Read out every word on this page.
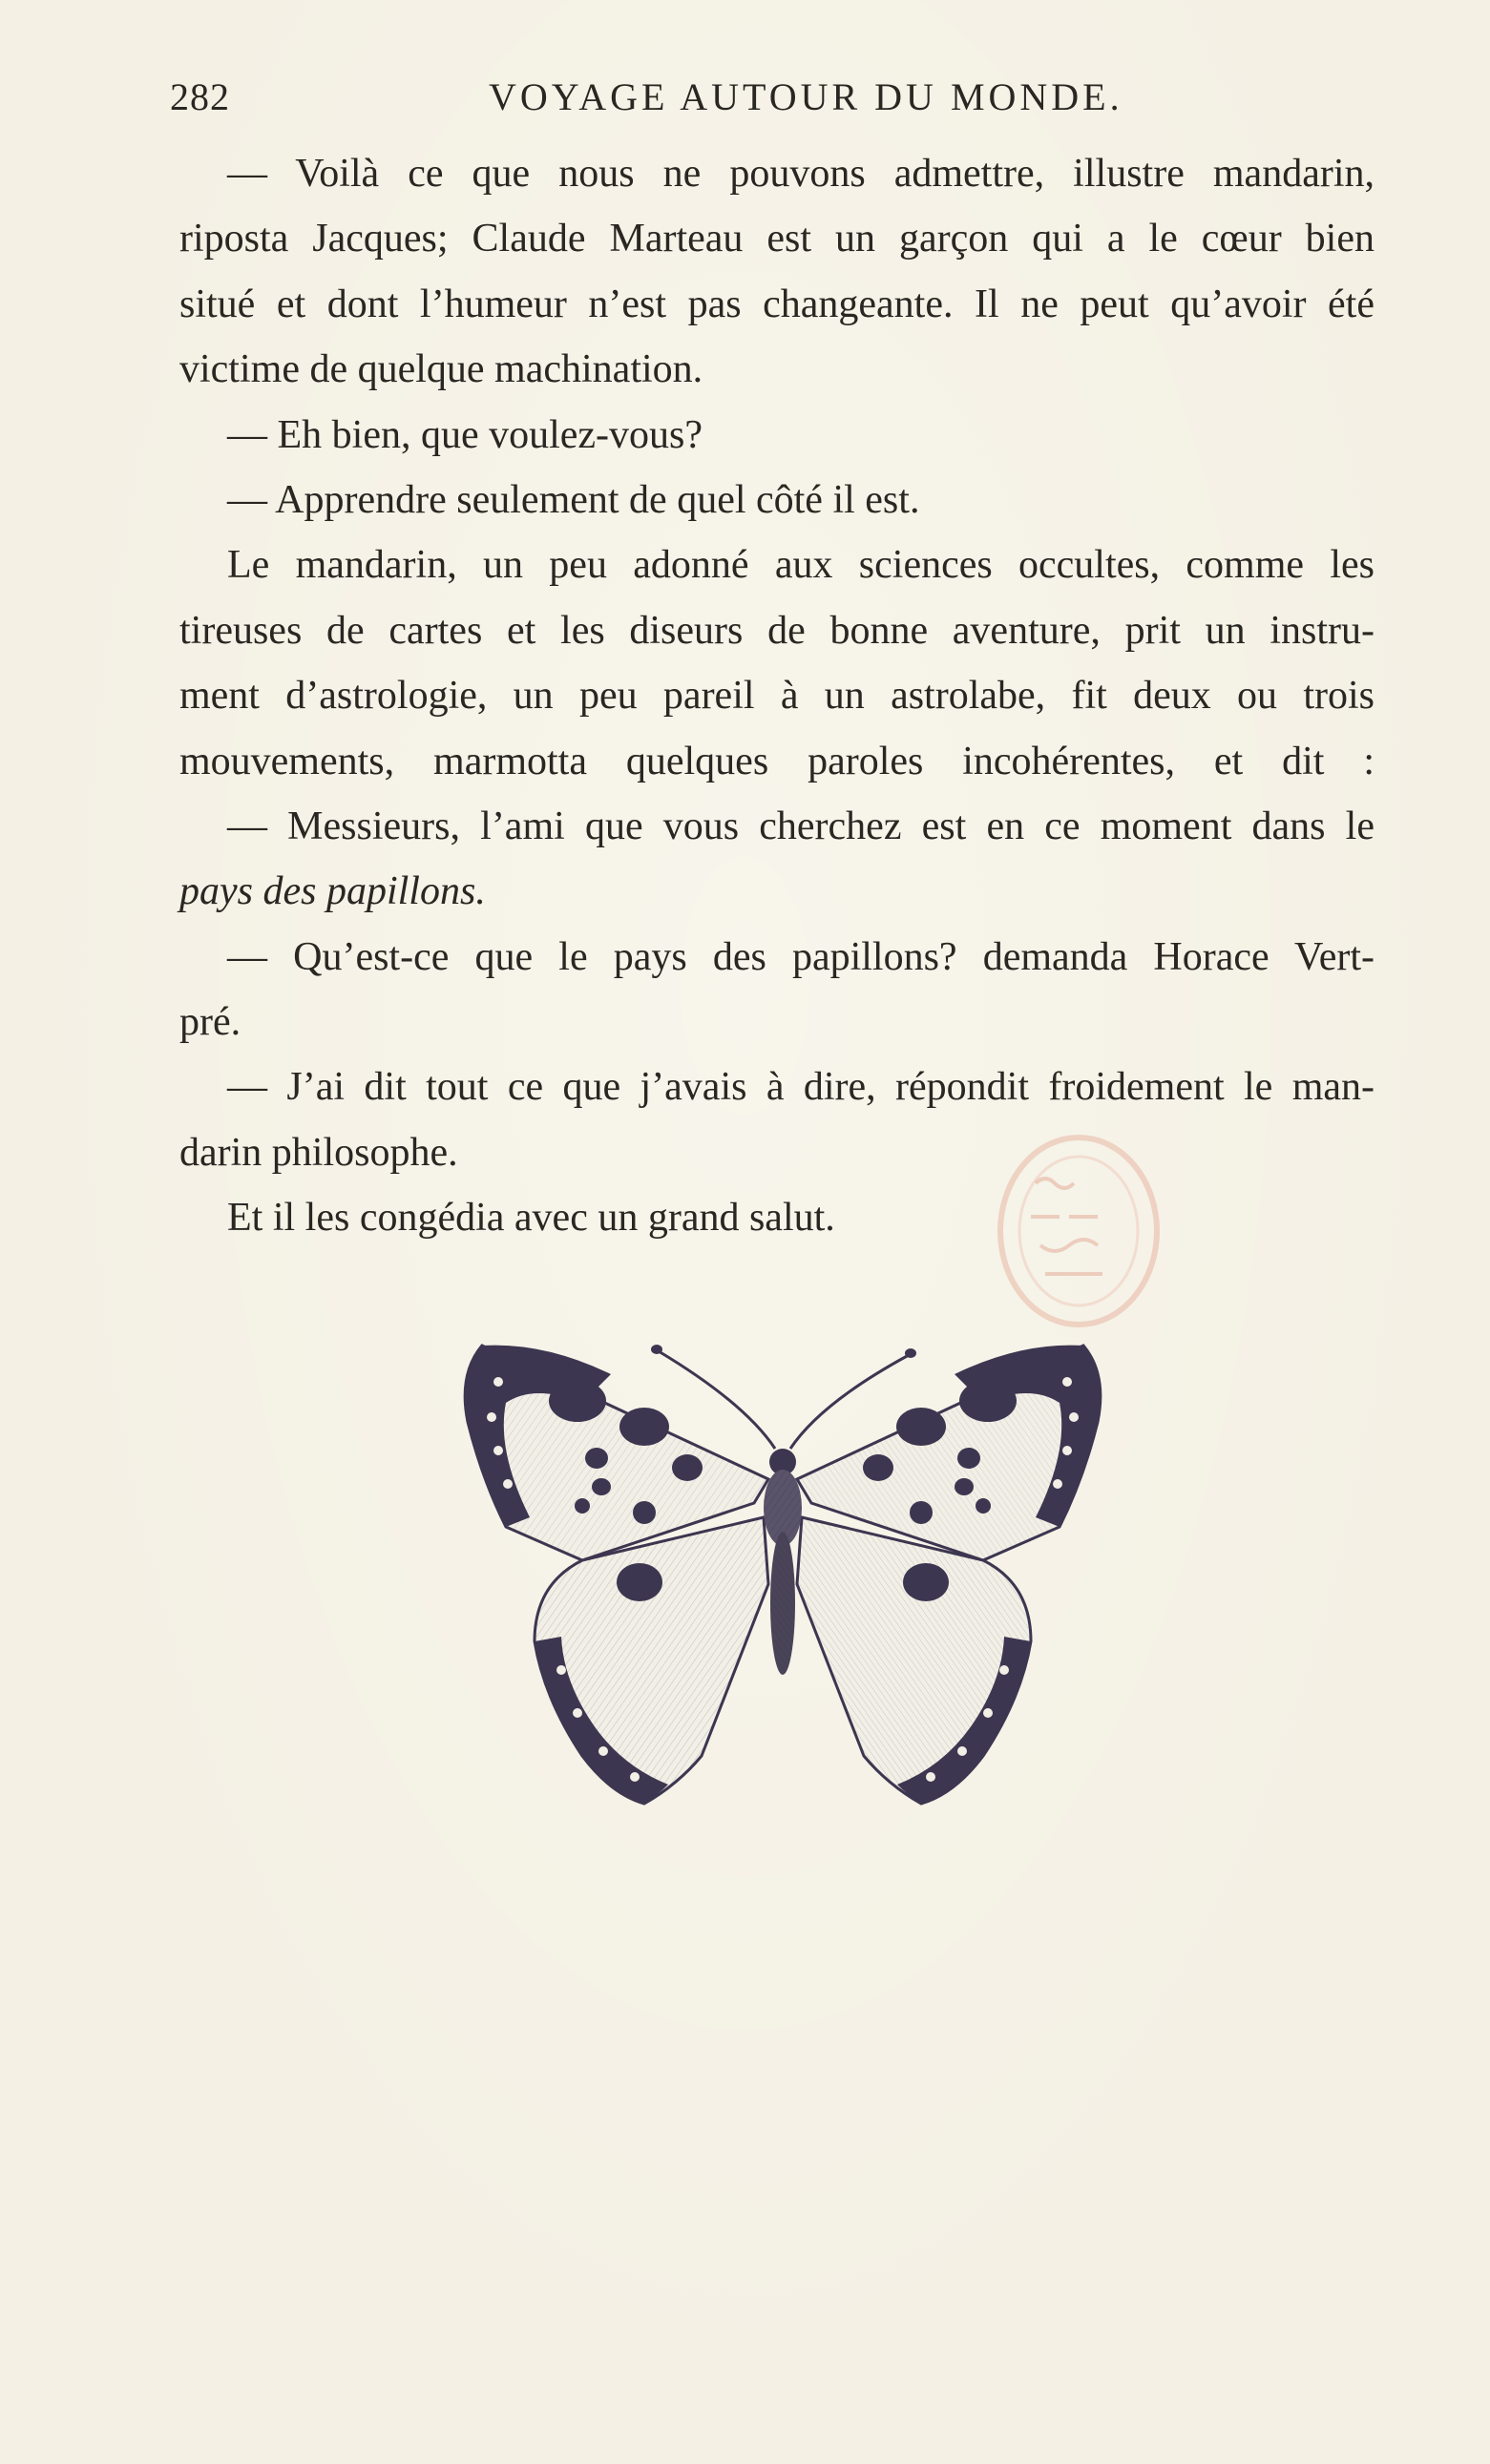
282	VOYAGE AUTOUR DU MONDE.
— Voilà ce que nous ne pouvons admettre, illustre mandarin,
riposta Jacques; Claude Marteau est un garçon qui a le cœur bien
situé et dont l’humeur n’est pas changeante. Il ne peut qu’avoir été
victime de quelque machination.
— Eh bien, que voulez-vous?
— Apprendre seulement de quel côté il est.
Le mandarin, un peu adonné aux sciences occultes, comme les
tireuses de cartes et les diseurs de bonne aventure, prit un instru-
ment d’astrologie, un peu pareil à un astrolabe, fit deux ou trois
mouvements, marmotta quelques paroles incohérentes, et dit :
— Messieurs, l’ami que vous cherchez est en ce moment dans le
pays des papillons.
— Qu’est-ce que le pays des papillons? demanda Horace Vert-
pré.
— J’ai dit tout ce que j’avais à dire, répondit froidement le man-
darin philosophe.
Et il les congédia avec un grand salut.
